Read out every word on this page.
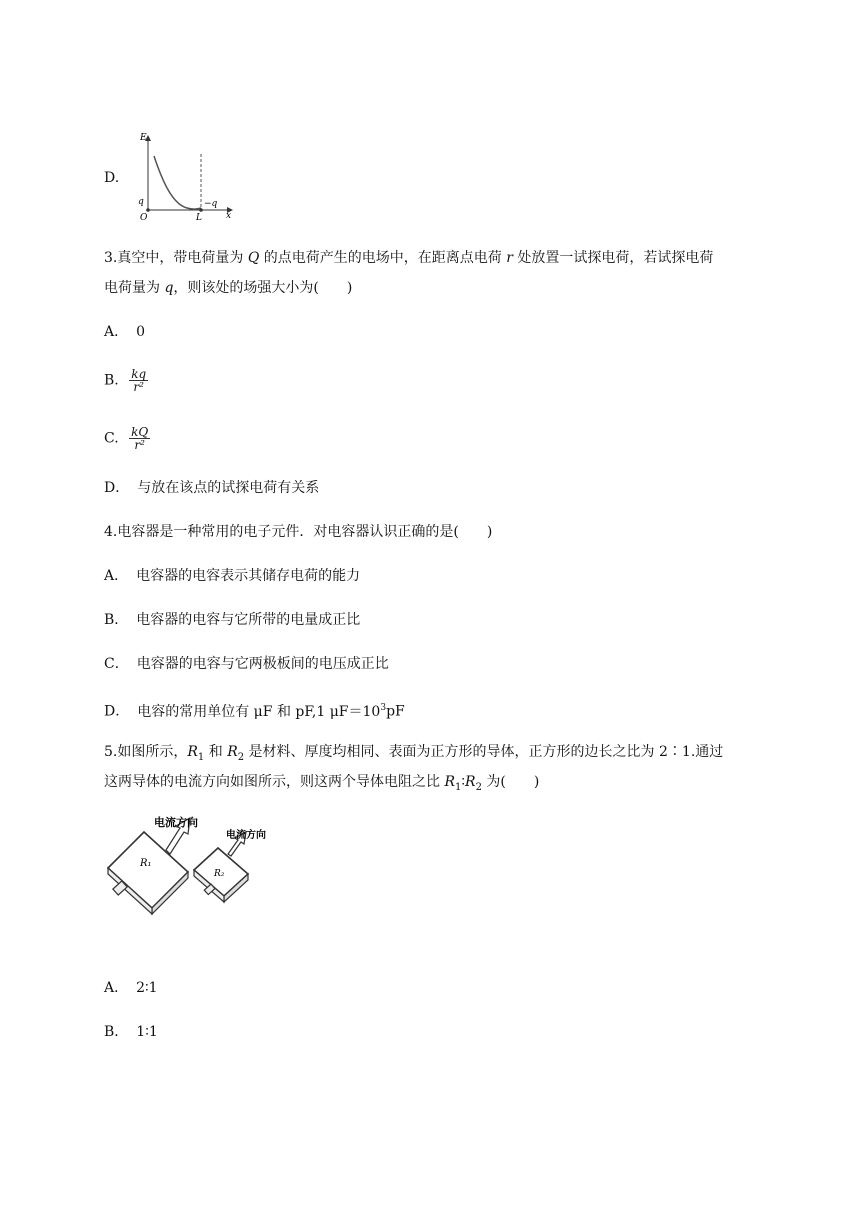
D.
E
x
O
q
L
−q
3.真空中，带电荷量为 Q 的点电荷产生的电场中，在距离点电荷 r 处放置一试探电荷，若试探电荷
电荷量为 q，则该处的场强大小为(　　)
A． 0
B. $\frac{kq}{\text{r²}}$
C. $\frac{kQ}{\text{r²}}$
D． 与放在该点的试探电荷有关系
4.电容器是一种常用的电子元件．对电容器认识正确的是(　　)
A． 电容器的电容表示其储存电荷的能力
B． 电容器的电容与它所带的电量成正比
C． 电容器的电容与它两极板间的电压成正比
D． 电容的常用单位有 μF 和 pF,1 $\mu F=10^3pF$
5.如图所示，$R_1$ 和 $R_2$ 是材料、厚度均相同、表面为正方形的导体，正方形的边长之比为 2∶1.通过
这两导体的电流方向如图所示，则这两个导体电阻之比 $R_1∶R_2$ 为(　　)
R₁
电流方向
R₂
电流方向
A． 2∶1
B． 1∶1
